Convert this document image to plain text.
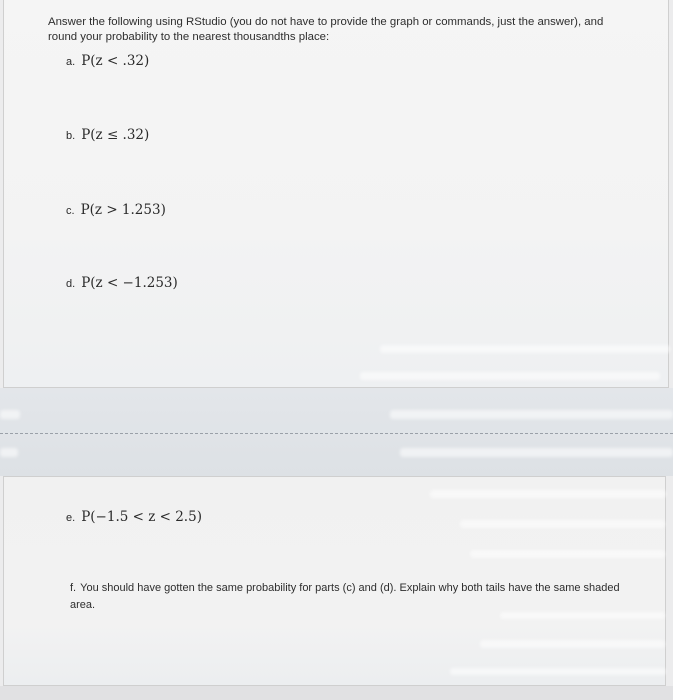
Answer the following using RStudio (you do not have to provide the graph or commands, just the answer), and round your probability to the nearest thousandths place:

a. P(z < .32)
b. P(z ≤ .32)
c. P(z > 1.253)
d. P(z < −1.253)
e. P(−1.5 < z < 2.5)

f. You should have gotten the same probability for parts (c) and (d). Explain why both tails have the same shaded area.
